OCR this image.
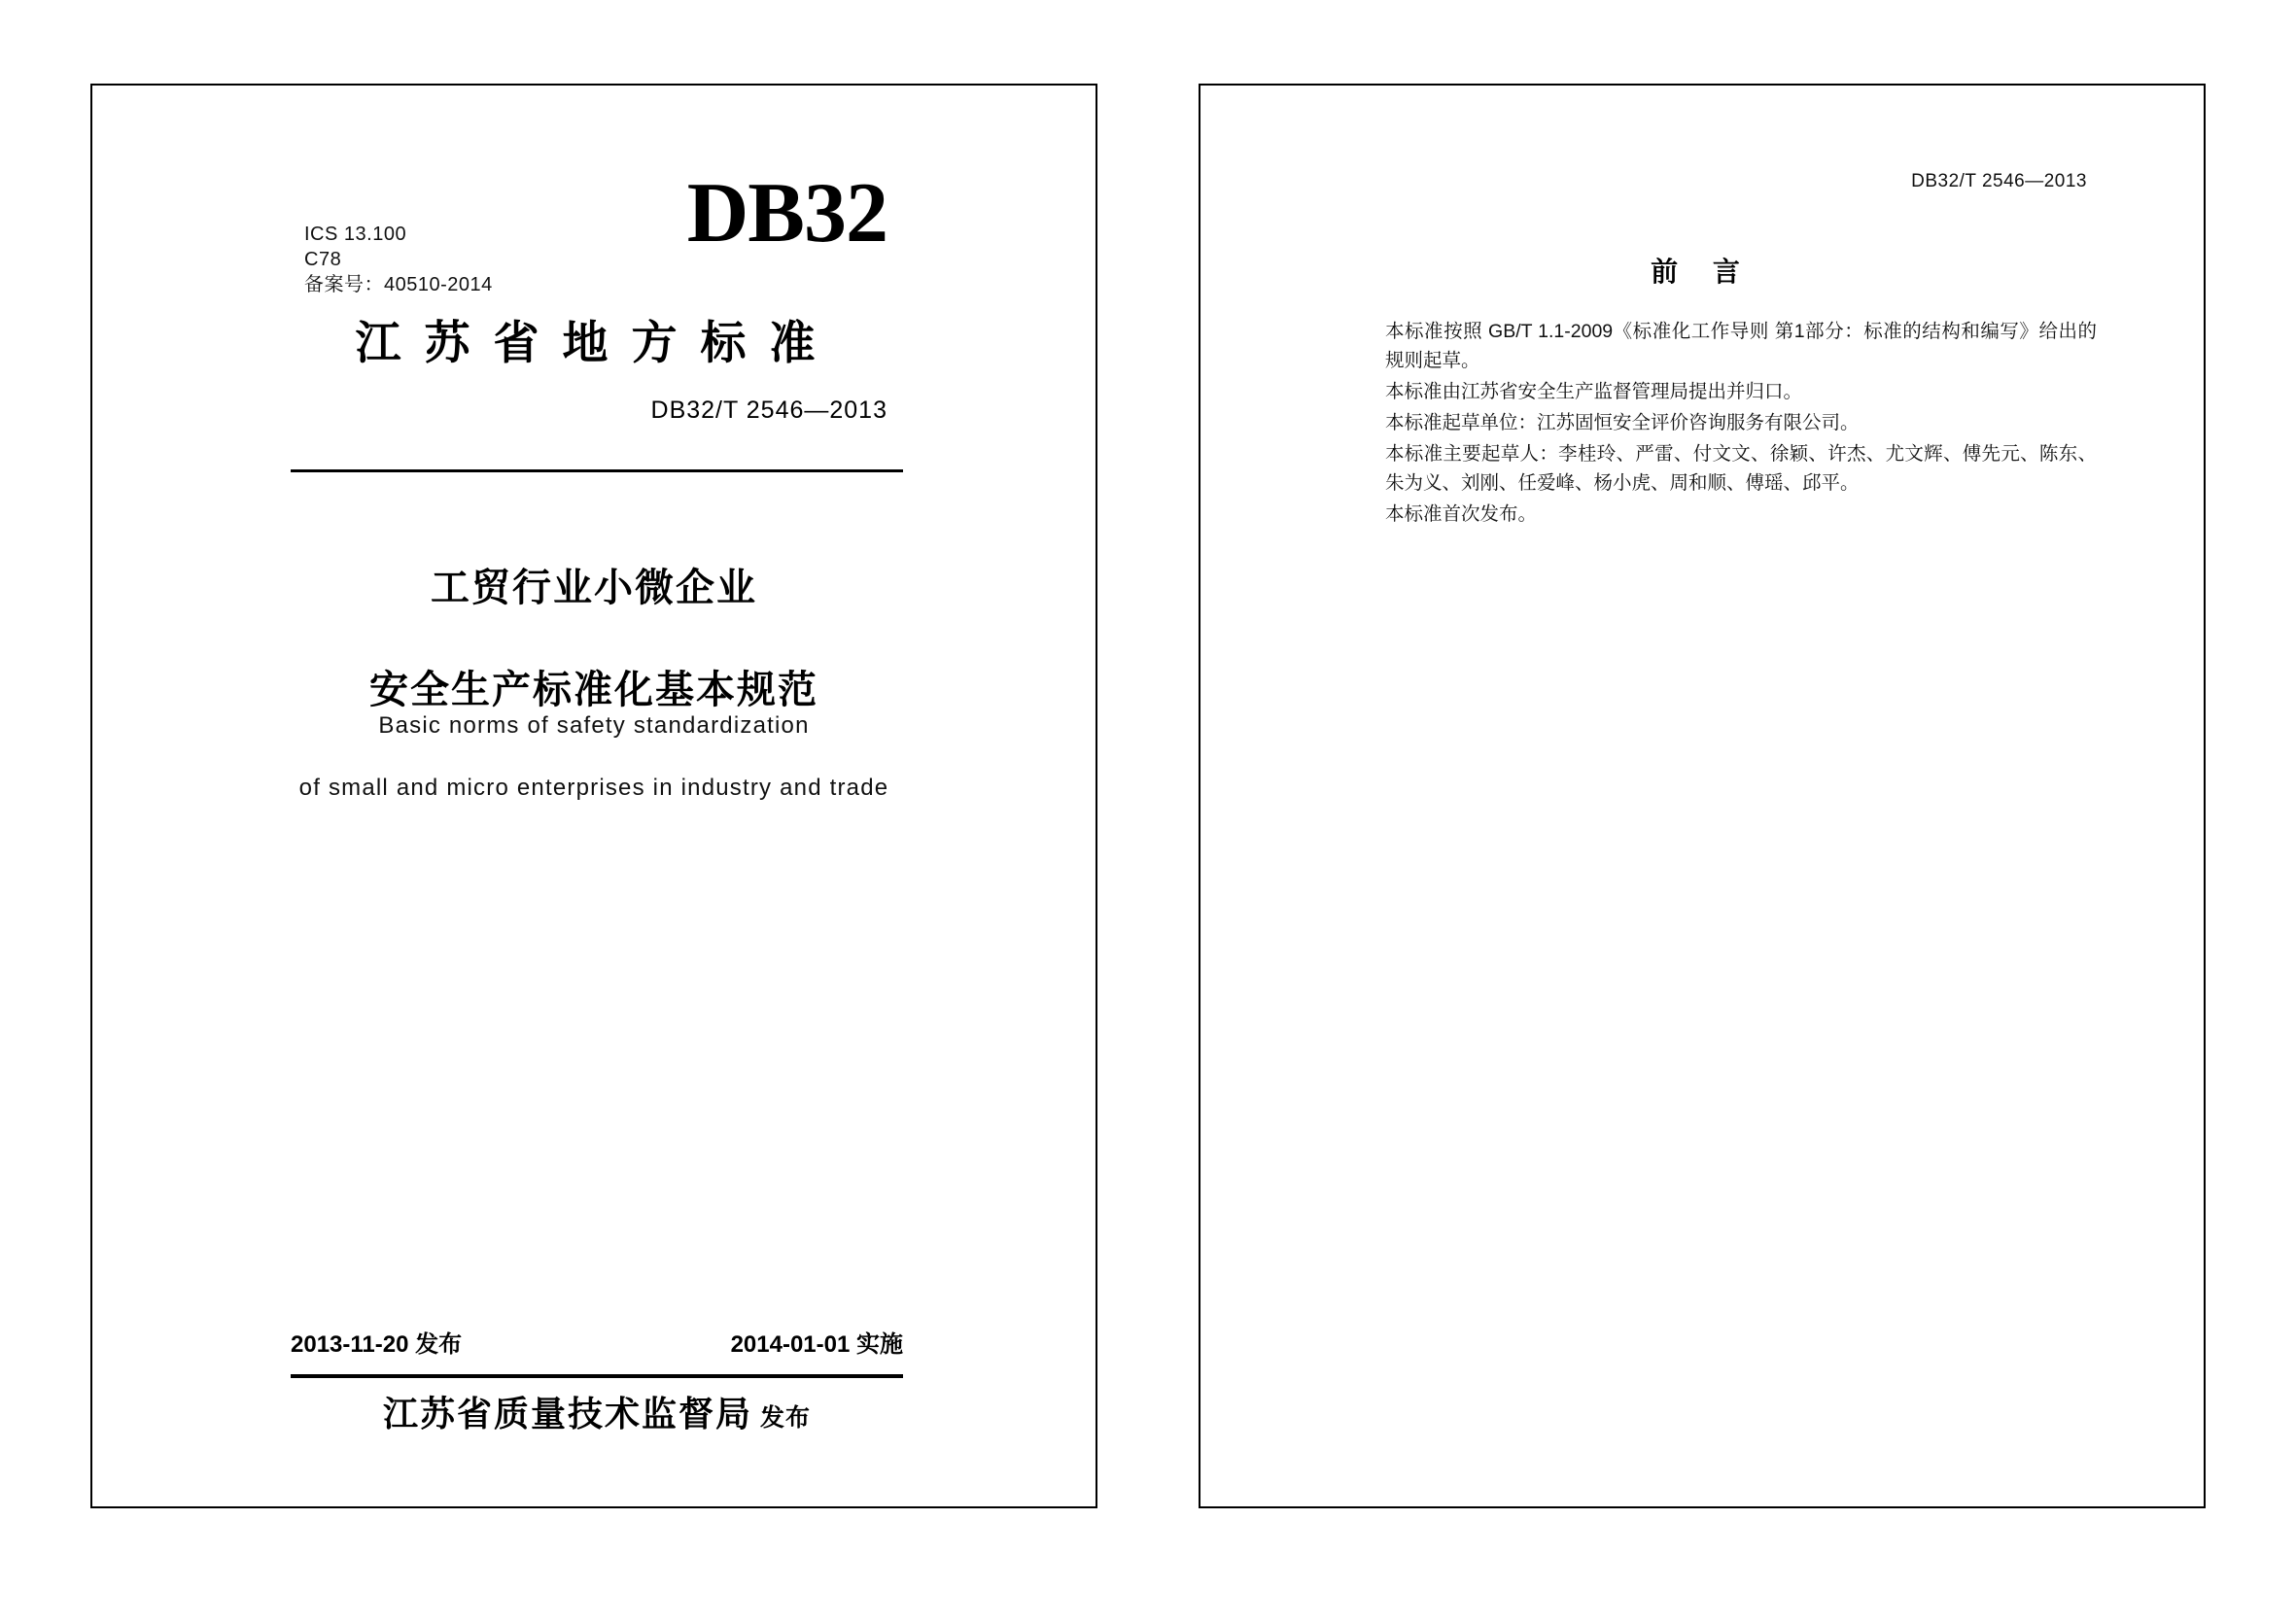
ICS 13.100
C78
备案号：40510-2014
DB32
江苏省地方标准
DB32/T 2546—2013
工贸行业小微企业
安全生产标准化基本规范
Basic norms of safety standardization
of small and micro enterprises in industry and trade
2013-11-20 发布	2014-01-01 实施
江苏省质量技术监督局 发布
DB32/T 2546—2013
前 言

本标准按照 GB/T 1.1-2009《标准化工作导则 第1部分：标准的结构和编写》给出的规则起草。

本标准由江苏省安全生产监督管理局提出并归口。

本标准起草单位：江苏固恒安全评价咨询服务有限公司。

本标准主要起草人：李桂玲、严雷、付文文、徐颖、许杰、尤文辉、傅先元、陈东、朱为义、刘刚、任爱峰、杨小虎、周和顺、傅瑶、邱平。

本标准首次发布。
